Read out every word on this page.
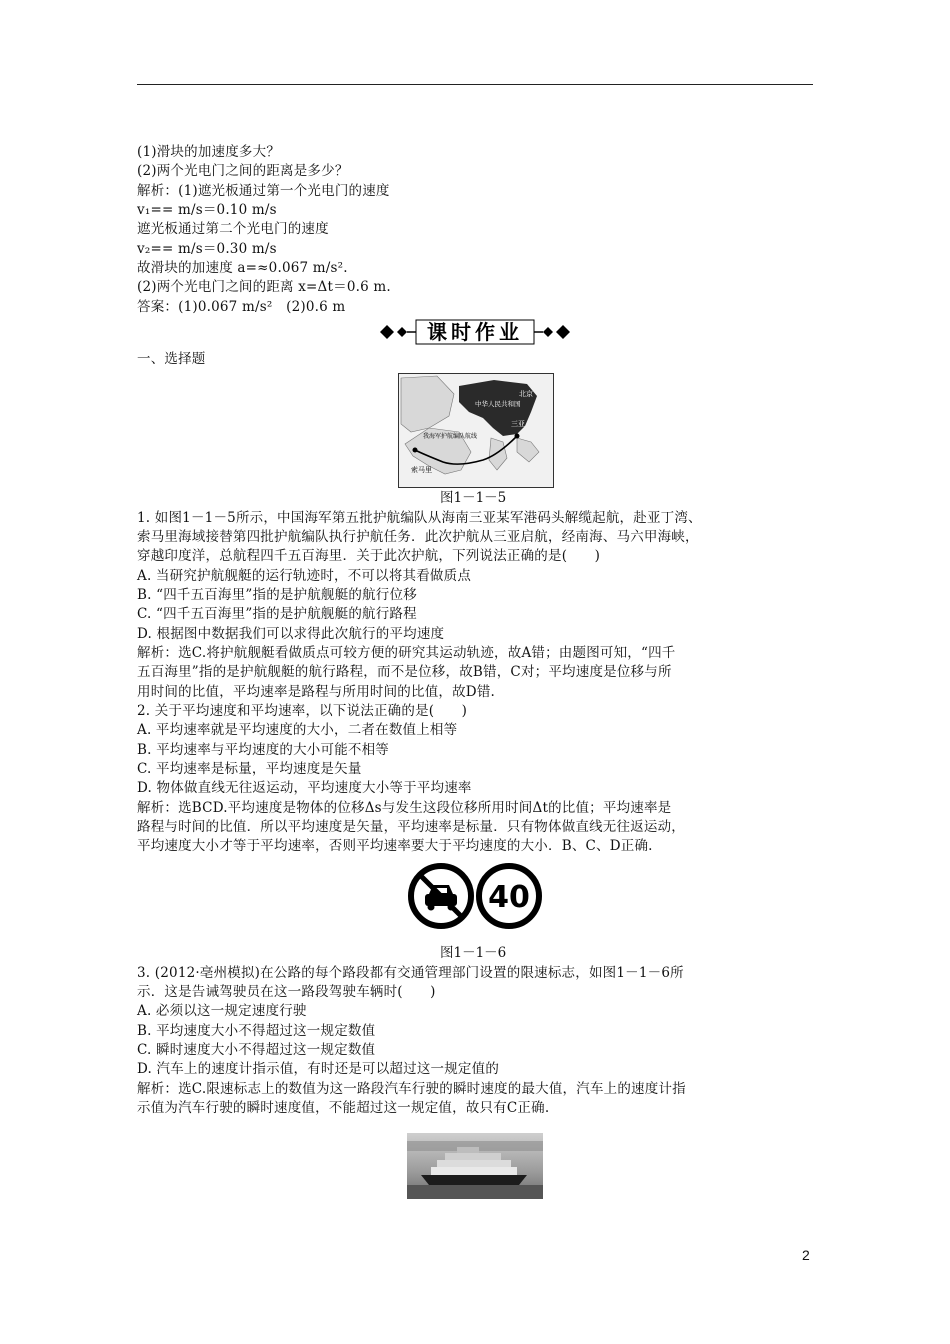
(1)滑块的加速度多大？
(2)两个光电门之间的距离是多少？
解析：(1)遮光板通过第一个光电门的速度
v₁== m/s＝0.10 m/s
遮光板通过第二个光电门的速度
v₂== m/s＝0.30 m/s
故滑块的加速度 a=≈0.067 m/s².
(2)两个光电门之间的距离 x=Δt＝0.6 m.
答案：(1)0.067 m/s²　(2)0.6 m
课时作业
一、选择题
北京
中华人民共和国
三亚
我海军护航编队航线
索马里
图1－1－5
1. 如图1－1－5所示，中国海军第五批护航编队从海南三亚某军港码头解缆起航，赴亚丁湾、
索马里海域接替第四批护航编队执行护航任务．此次护航从三亚启航，经南海、马六甲海峡，
穿越印度洋，总航程四千五百海里．关于此次护航，下列说法正确的是(　　)
A. 当研究护航舰艇的运行轨迹时，不可以将其看做质点
B. “四千五百海里”指的是护航舰艇的航行位移
C. “四千五百海里”指的是护航舰艇的航行路程
D. 根据图中数据我们可以求得此次航行的平均速度
解析：选C.将护航舰艇看做质点可较方便的研究其运动轨迹，故A错；由题图可知，“四千
五百海里”指的是护航舰艇的航行路程，而不是位移，故B错，C对；平均速度是位移与所
用时间的比值，平均速率是路程与所用时间的比值，故D错.
2. 关于平均速度和平均速率，以下说法正确的是(　　)
A. 平均速率就是平均速度的大小，二者在数值上相等
B. 平均速率与平均速度的大小可能不相等
C. 平均速率是标量，平均速度是矢量
D. 物体做直线无往返运动，平均速度大小等于平均速率
解析：选BCD.平均速度是物体的位移Δs与发生这段位移所用时间Δt的比值；平均速率是
路程与时间的比值．所以平均速度是矢量，平均速率是标量．只有物体做直线无往返运动，
平均速度大小才等于平均速率，否则平均速率要大于平均速度的大小．B、C、D正确.
40
图1－1－6
3. (2012·亳州模拟)在公路的每个路段都有交通管理部门设置的限速标志，如图1－1－6所
示．这是告诫驾驶员在这一路段驾驶车辆时(　　)
A. 必须以这一规定速度行驶
B. 平均速度大小不得超过这一规定数值
C. 瞬时速度大小不得超过这一规定数值
D. 汽车上的速度计指示值，有时还是可以超过这一规定值的
解析：选C.限速标志上的数值为这一路段汽车行驶的瞬时速度的最大值，汽车上的速度计指
示值为汽车行驶的瞬时速度值，不能超过这一规定值，故只有C正确.
2
